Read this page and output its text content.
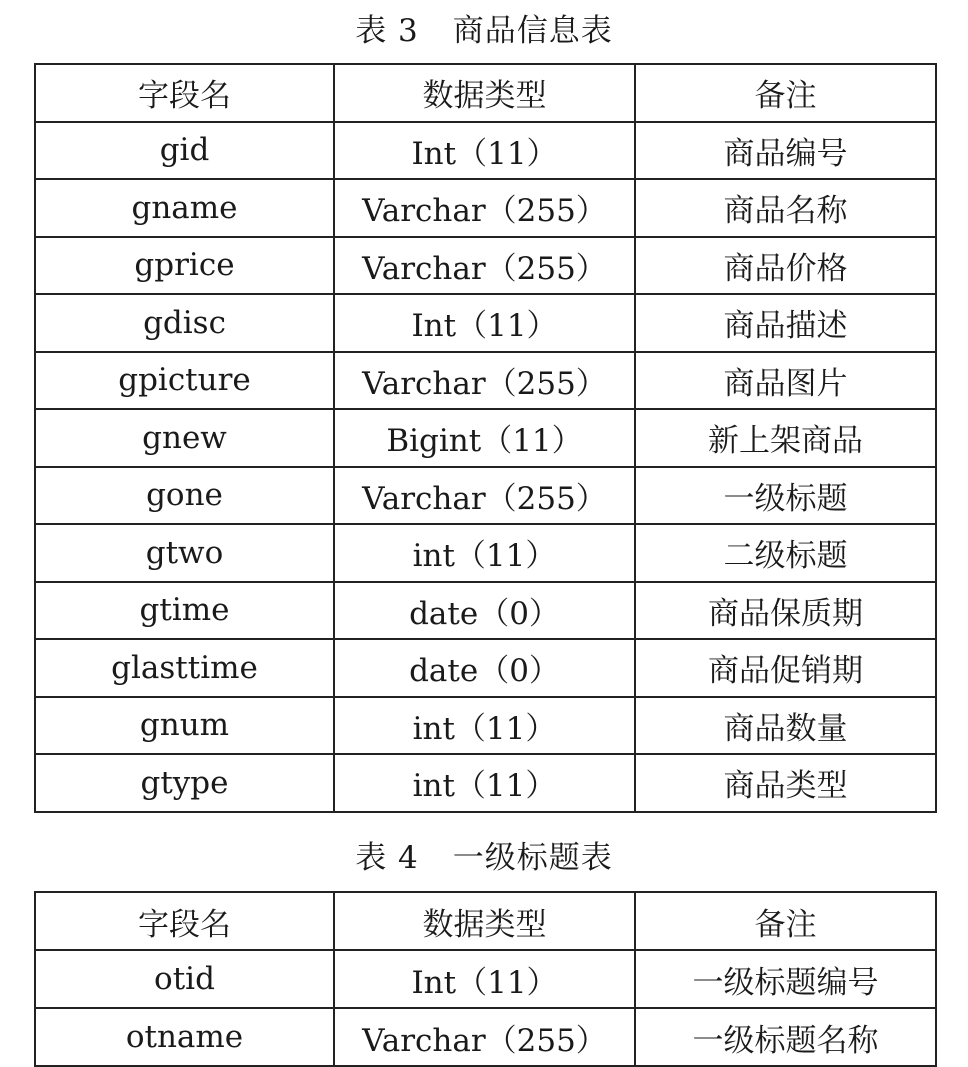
表 3 商品信息表
字段名	数据类型	备注
gid	Int（11）	商品编号
gname	Varchar（255）	商品名称
gprice	Varchar（255）	商品价格
gdisc	Int（11）	商品描述
gpicture	Varchar（255）	商品图片
gnew	Bigint（11）	新上架商品
gone	Varchar（255）	一级标题
gtwo	int（11）	二级标题
gtime	date（0）	商品保质期
glasttime	date（0）	商品促销期
gnum	int（11）	商品数量
gtype	int（11）	商品类型
表 4 一级标题表
字段名	数据类型	备注
otid	Int（11）	一级标题编号
otname	Varchar（255）	一级标题名称
